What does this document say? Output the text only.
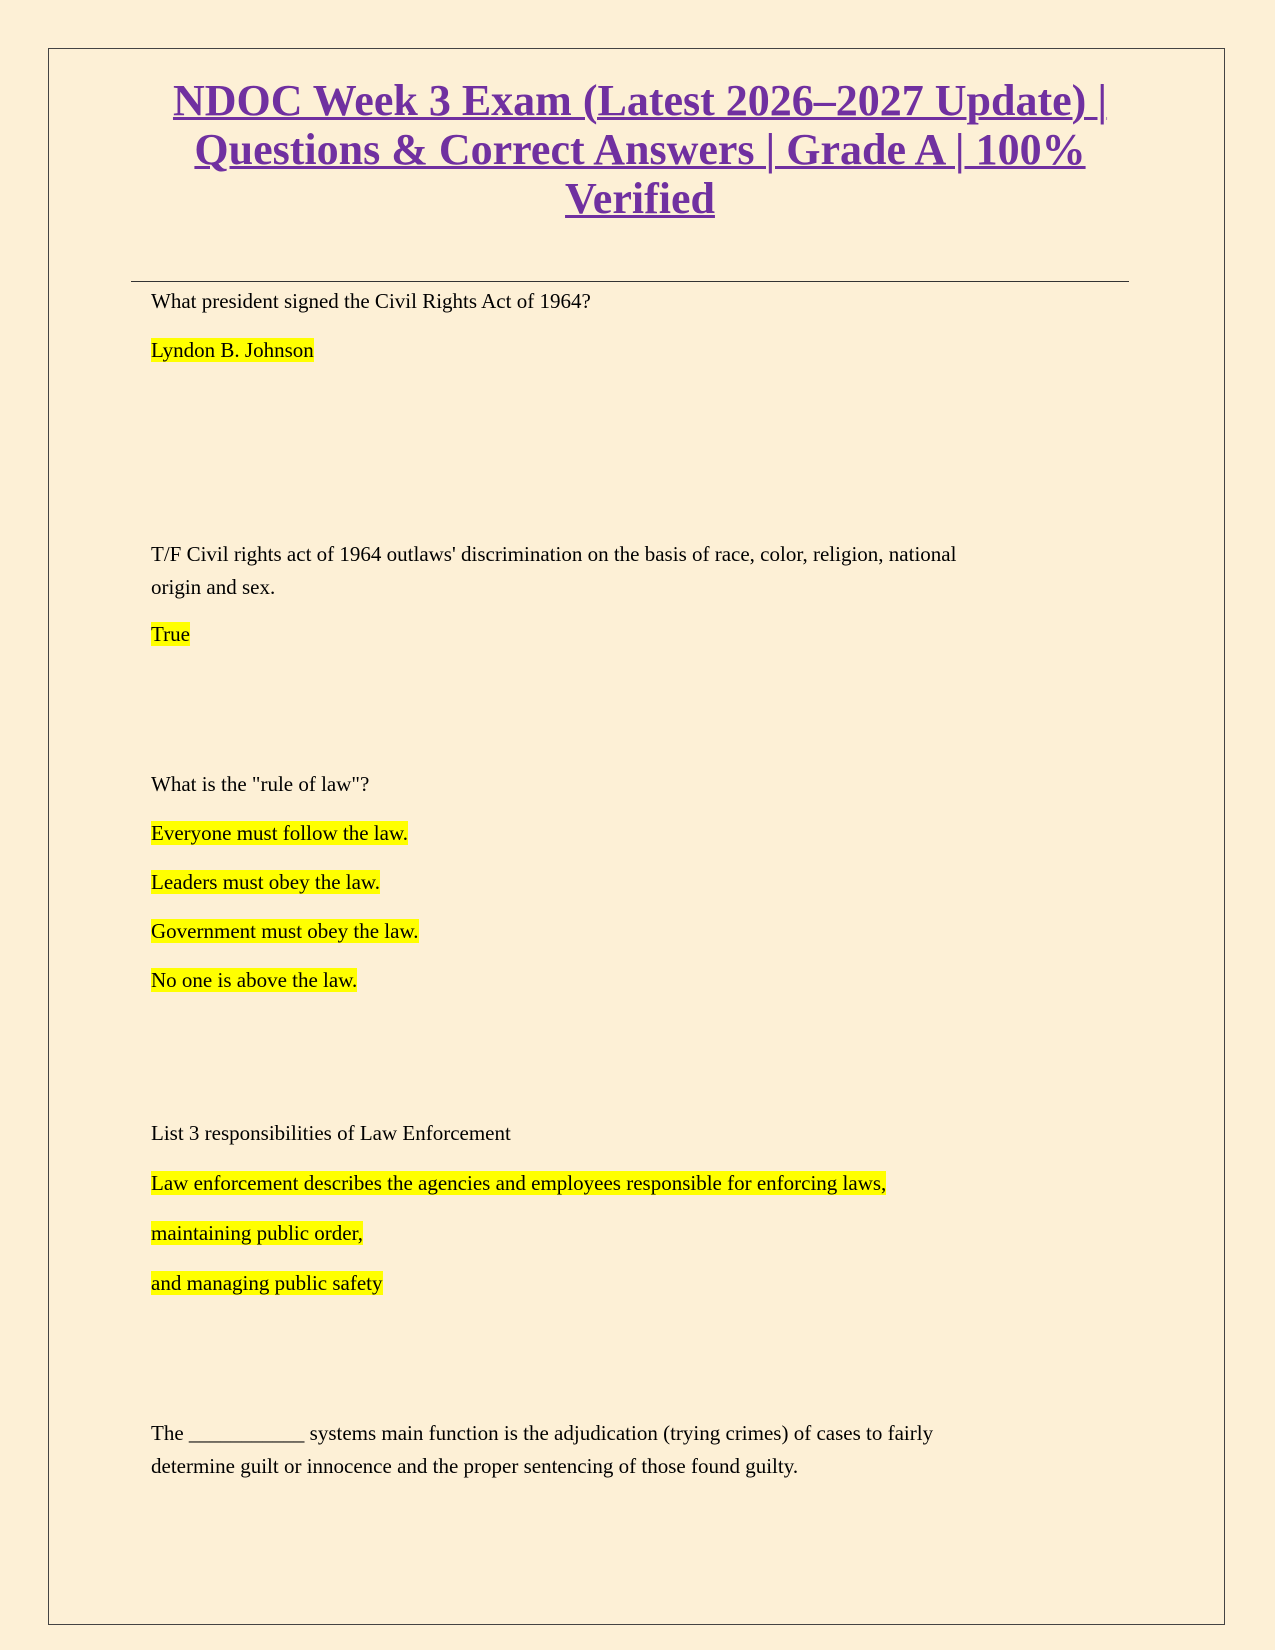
NDOC Week 3 Exam (Latest 2026–2027 Update) | Questions & Correct Answers | Grade A | 100% Verified
What president signed the Civil Rights Act of 1964?
Lyndon B. Johnson
T/F Civil rights act of 1964 outlaws' discrimination on the basis of race, color, religion, national
origin and sex.
True
What is the "rule of law"?
Everyone must follow the law.
Leaders must obey the law.
Government must obey the law.
No one is above the law.
List 3 responsibilities of Law Enforcement
Law enforcement describes the agencies and employees responsible for enforcing laws,
maintaining public order,
and managing public safety
The ___________ systems main function is the adjudication (trying crimes) of cases to fairly
determine guilt or innocence and the proper sentencing of those found guilty.
